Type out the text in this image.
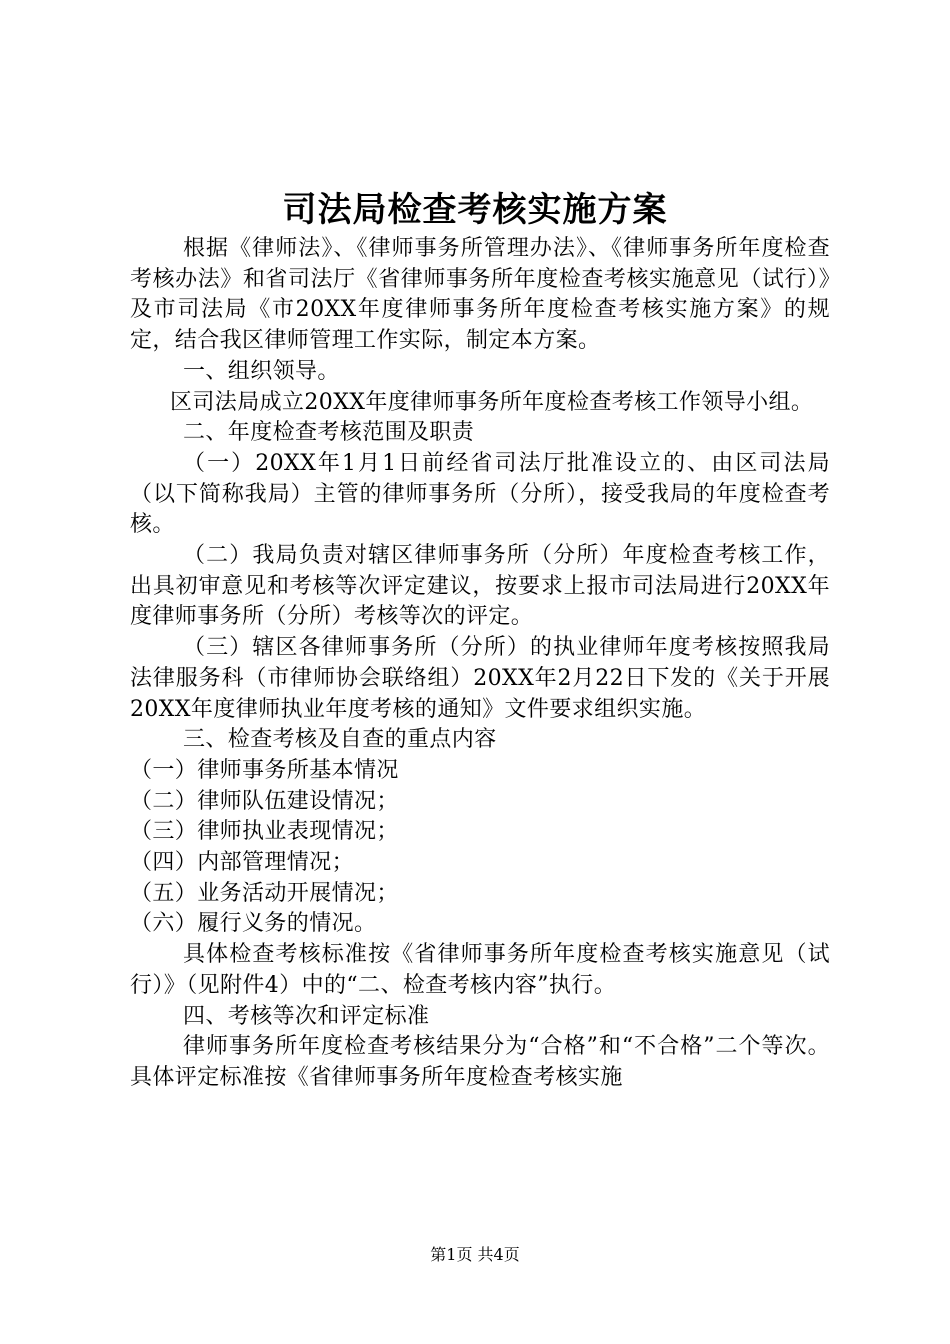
司法局检查考核实施方案

根据《律师法》、《律师事务所管理办法》、《律师事务所年度检查考核办法》和省司法厅《省律师事务所年度检查考核实施意见（试行）》及市司法局《市20XX年度律师事务所年度检查考核实施方案》的规定，结合我区律师管理工作实际，制定本方案。

一、组织领导。

区司法局成立20XX年度律师事务所年度检查考核工作领导小组。

二、年度检查考核范围及职责

（一）20XX年1月1日前经省司法厅批准设立的、由区司法局（以下简称我局）主管的律师事务所（分所），接受我局的年度检查考核。

（二）我局负责对辖区律师事务所（分所）年度检查考核工作，出具初审意见和考核等次评定建议，按要求上报市司法局进行20XX年度律师事务所（分所）考核等次的评定。

（三）辖区各律师事务所（分所）的执业律师年度考核按照我局法律服务科（市律师协会联络组）20XX年2月22日下发的《关于开展20XX年度律师执业年度考核的通知》文件要求组织实施。

三、检查考核及自查的重点内容

（一）律师事务所基本情况

（二）律师队伍建设情况；

（三）律师执业表现情况；

（四）内部管理情况；

（五）业务活动开展情况；

（六）履行义务的情况。

具体检查考核标准按《省律师事务所年度检查考核实施意见（试行）》（见附件4）中的“二、检查考核内容”执行。

四、考核等次和评定标准

律师事务所年度检查考核结果分为“合格”和“不合格”二个等次。具体评定标准按《省律师事务所年度检查考核实施

第1页 共4页
